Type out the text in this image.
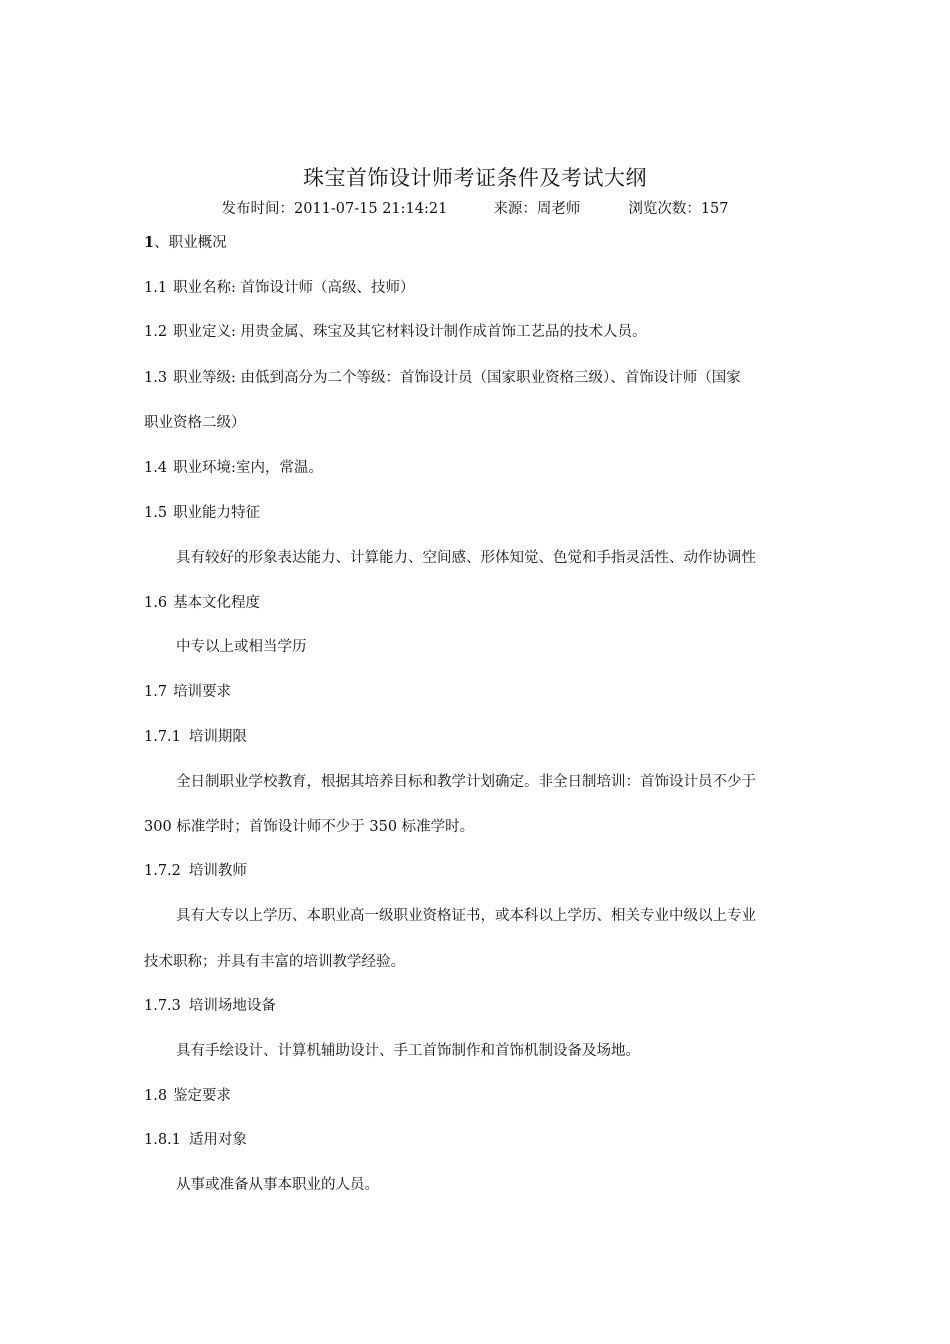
珠宝首饰设计师考证条件及考试大纲
发布时间：2011-07-15 21:14:21	来源：周老师	浏览次数：157
1、职业概况
1.1 职业名称: 首饰设计师（高级、技师）
1.2 职业定义: 用贵金属、珠宝及其它材料设计制作成首饰工艺品的技术人员。
1.3 职业等级: 由低到高分为二个等级：首饰设计员（国家职业资格三级）、首饰设计师（国家
职业资格二级）
1.4 职业环境:室内，常温。
1.5 职业能力特征
具有较好的形象表达能力、计算能力、空间感、形体知觉、色觉和手指灵活性、动作协调性
1.6 基本文化程度
中专以上或相当学历
1.7 培训要求
1.7.1 培训期限
全日制职业学校教育，根据其培养目标和教学计划确定。非全日制培训：首饰设计员不少于
300 标准学时；首饰设计师不少于 350 标准学时。
1.7.2 培训教师
具有大专以上学历、本职业高一级职业资格证书，或本科以上学历、相关专业中级以上专业
技术职称；并具有丰富的培训教学经验。
1.7.3 培训场地设备
具有手绘设计、计算机辅助设计、手工首饰制作和首饰机制设备及场地。
1.8 鉴定要求
1.8.1 适用对象
从事或准备从事本职业的人员。
